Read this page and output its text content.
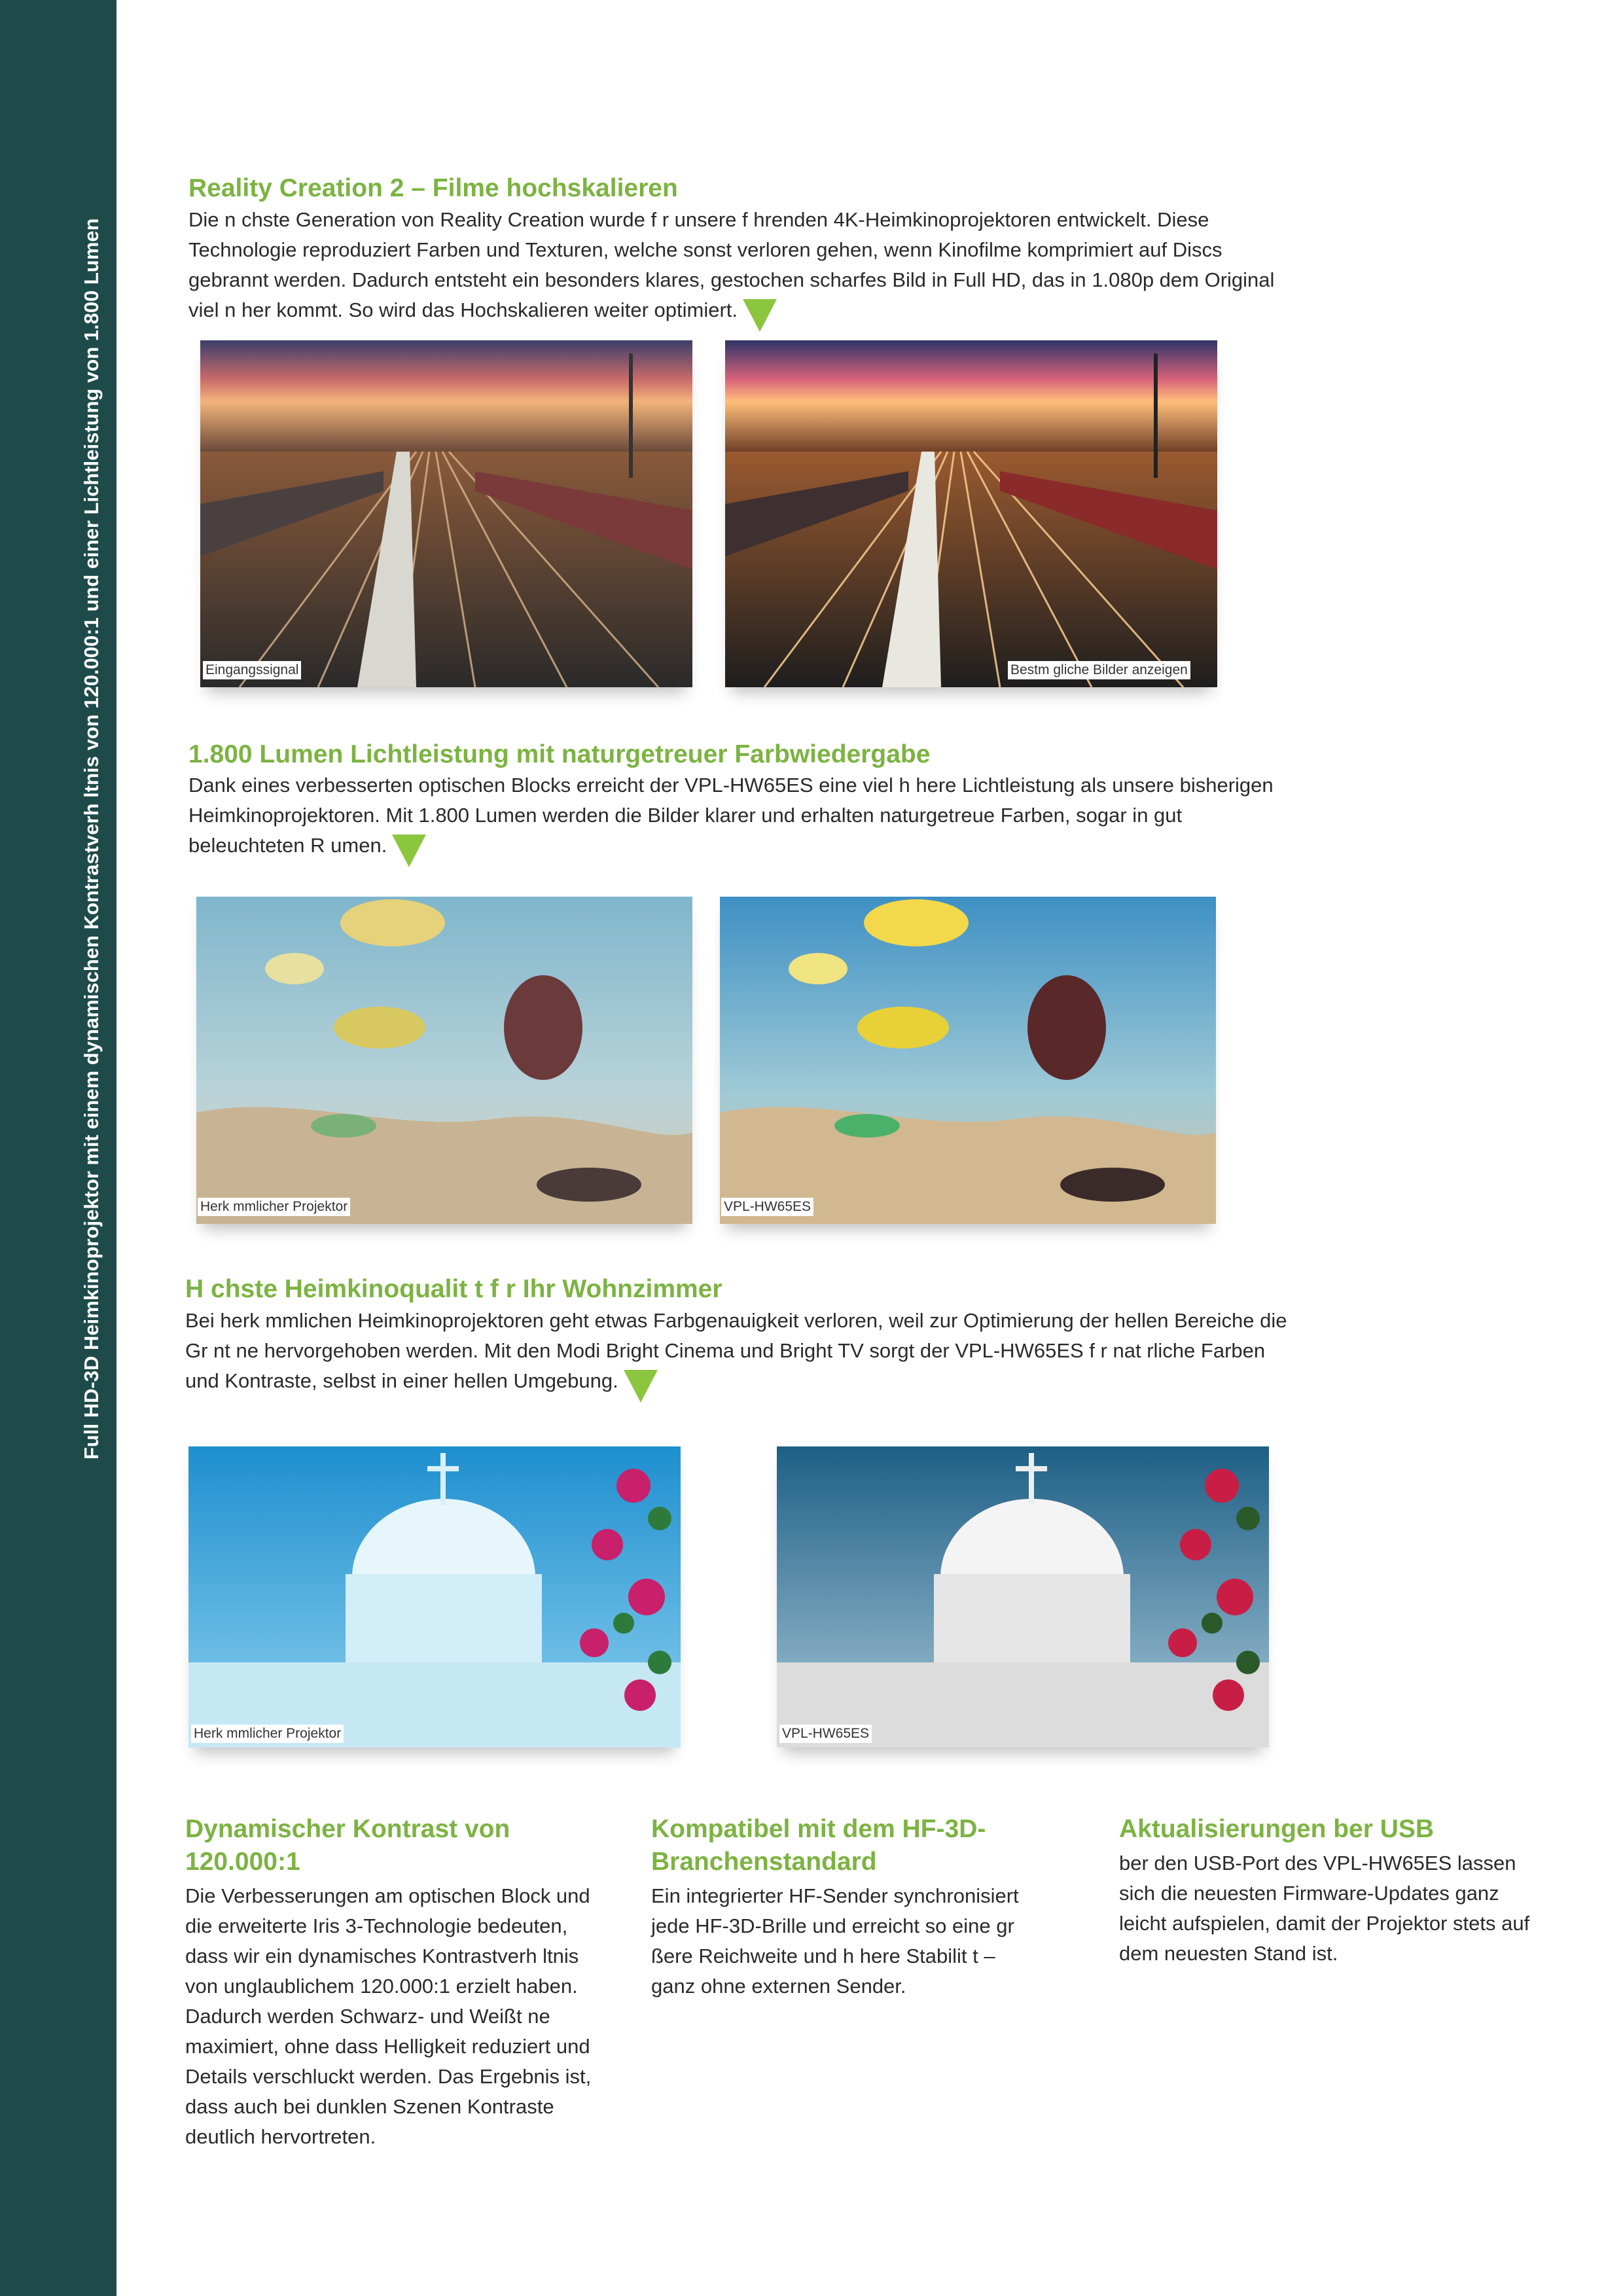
Full HD-3D Heimkinoprojektor mit einem dynamischen Kontrastverh ltnis von 120.000:1 und einer Lichtleistung von 1.800 Lumen
Reality Creation 2 – Filme hochskalieren

Die n chste Generation von Reality Creation wurde f r unsere f hrenden 4K-Heimkinoprojektoren entwickelt. Diese Technologie reproduziert Farben und Texturen, welche sonst verloren gehen, wenn Kinofilme komprimiert auf Discs gebrannt werden. Dadurch entsteht ein besonders klares, gestochen scharfes Bild in Full HD, das in 1.080p dem Original viel n her kommt. So wird das Hochskalieren weiter optimiert.

Eingangssignal	Bestm gliche Bilder anzeigen
1.800 Lumen Lichtleistung mit naturgetreuer Farbwiedergabe

Dank eines verbesserten optischen Blocks erreicht der VPL-HW65ES eine viel h here Lichtleistung als unsere bisherigen Heimkinoprojektoren. Mit 1.800 Lumen werden die Bilder klarer und erhalten naturgetreue Farben, sogar in gut beleuchteten R umen.

Herk mmlicher Projektor	VPL-HW65ES
H chste Heimkinoqualit t f r Ihr Wohnzimmer

Bei herk mmlichen Heimkinoprojektoren geht etwas Farbgenauigkeit verloren, weil zur Optimierung der hellen Bereiche die Gr nt ne hervorgehoben werden. Mit den Modi Bright Cinema und Bright TV sorgt der VPL-HW65ES f r nat rliche Farben und Kontraste, selbst in einer hellen Umgebung.

Herk mmlicher Projektor	VPL-HW65ES
Dynamischer Kontrast von 120.000:1

Die Verbesserungen am optischen Block und die erweiterte Iris 3-Technologie bedeuten, dass wir ein dynamisches Kontrastverh ltnis von unglaublichem 120.000:1 erzielt haben. Dadurch werden Schwarz- und Weißt ne maximiert, ohne dass Helligkeit reduziert und Details verschluckt werden. Das Ergebnis ist, dass auch bei dunklen Szenen Kontraste deutlich hervortreten.

Kompatibel mit dem HF-3D-Branchenstandard

Ein integrierter HF-Sender synchronisiert jede HF-3D-Brille und erreicht so eine gr ßere Reichweite und h here Stabilit t – ganz ohne externen Sender.

Aktualisierungen ber USB

ber den USB-Port des VPL-HW65ES lassen sich die neuesten Firmware-Updates ganz leicht aufspielen, damit der Projektor stets auf dem neuesten Stand ist.
